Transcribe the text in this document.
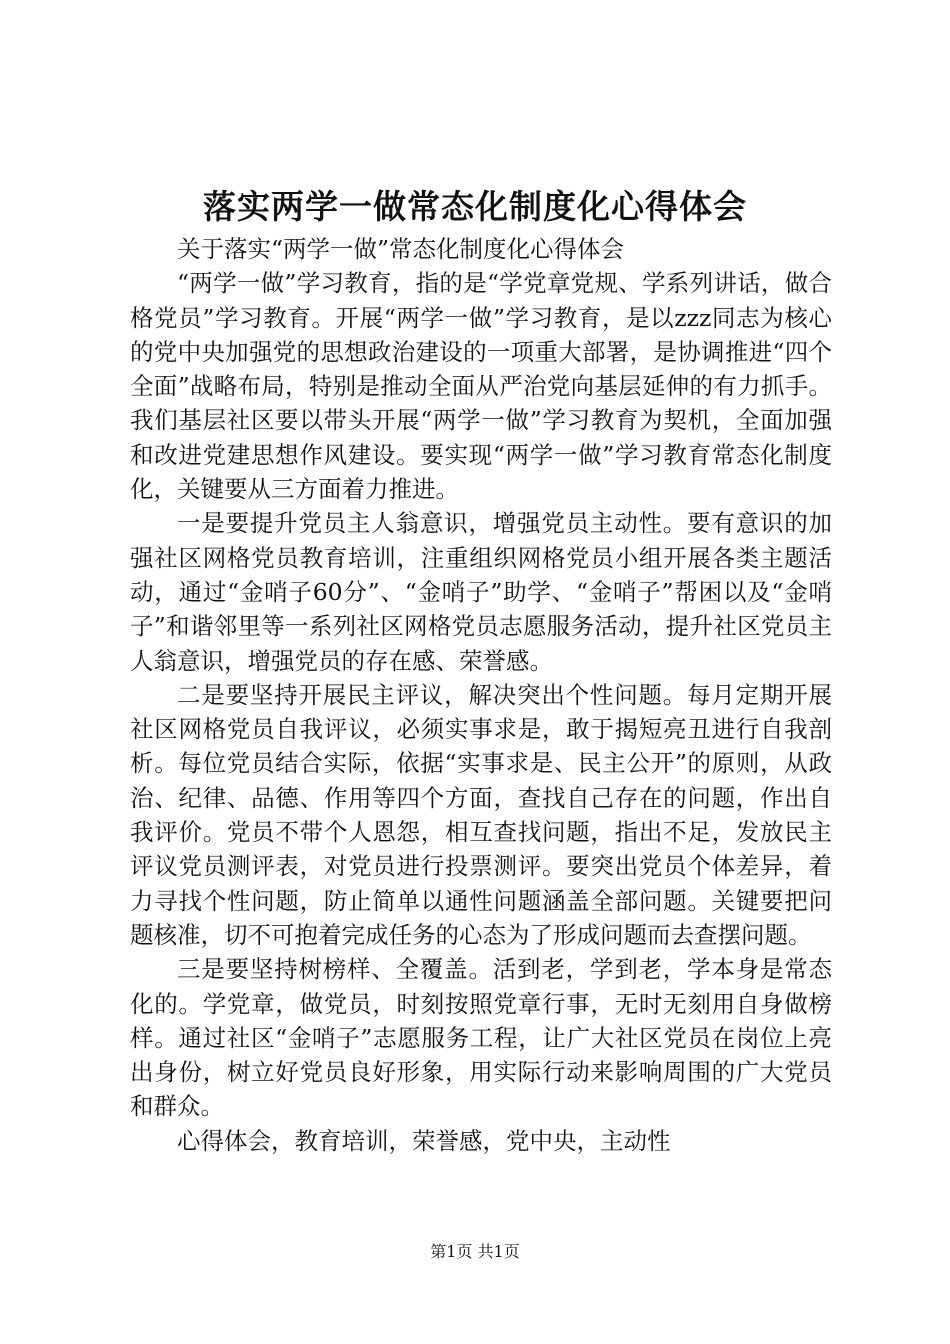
落实两学一做常态化制度化心得体会

关于落实“两学一做”常态化制度化心得体会

“两学一做”学习教育，指的是“学党章党规、学系列讲话，做合格党员”学习教育。开展“两学一做”学习教育，是以zzz同志为核心的党中央加强党的思想政治建设的一项重大部署，是协调推进“四个全面”战略布局，特别是推动全面从严治党向基层延伸的有力抓手。我们基层社区要以带头开展“两学一做”学习教育为契机，全面加强和改进党建思想作风建设。要实现“两学一做”学习教育常态化制度化，关键要从三方面着力推进。

一是要提升党员主人翁意识，增强党员主动性。要有意识的加强社区网格党员教育培训，注重组织网格党员小组开展各类主题活动，通过“金哨子60分”、“金哨子”助学、“金哨子”帮困以及“金哨子”和谐邻里等一系列社区网格党员志愿服务活动，提升社区党员主人翁意识，增强党员的存在感、荣誉感。

二是要坚持开展民主评议，解决突出个性问题。每月定期开展社区网格党员自我评议，必须实事求是，敢于揭短亮丑进行自我剖析。每位党员结合实际，依据“实事求是、民主公开”的原则，从政治、纪律、品德、作用等四个方面，查找自己存在的问题，作出自我评价。党员不带个人恩怨，相互查找问题，指出不足，发放民主评议党员测评表，对党员进行投票测评。要突出党员个体差异，着力寻找个性问题，防止简单以通性问题涵盖全部问题。关键要把问题核准，切不可抱着完成任务的心态为了形成问题而去查摆问题。

三是要坚持树榜样、全覆盖。活到老，学到老，学本身是常态化的。学党章，做党员，时刻按照党章行事，无时无刻用自身做榜样。通过社区“金哨子”志愿服务工程，让广大社区党员在岗位上亮出身份，树立好党员良好形象，用实际行动来影响周围的广大党员和群众。

心得体会，教育培训，荣誉感，党中央，主动性

第1页 共1页
